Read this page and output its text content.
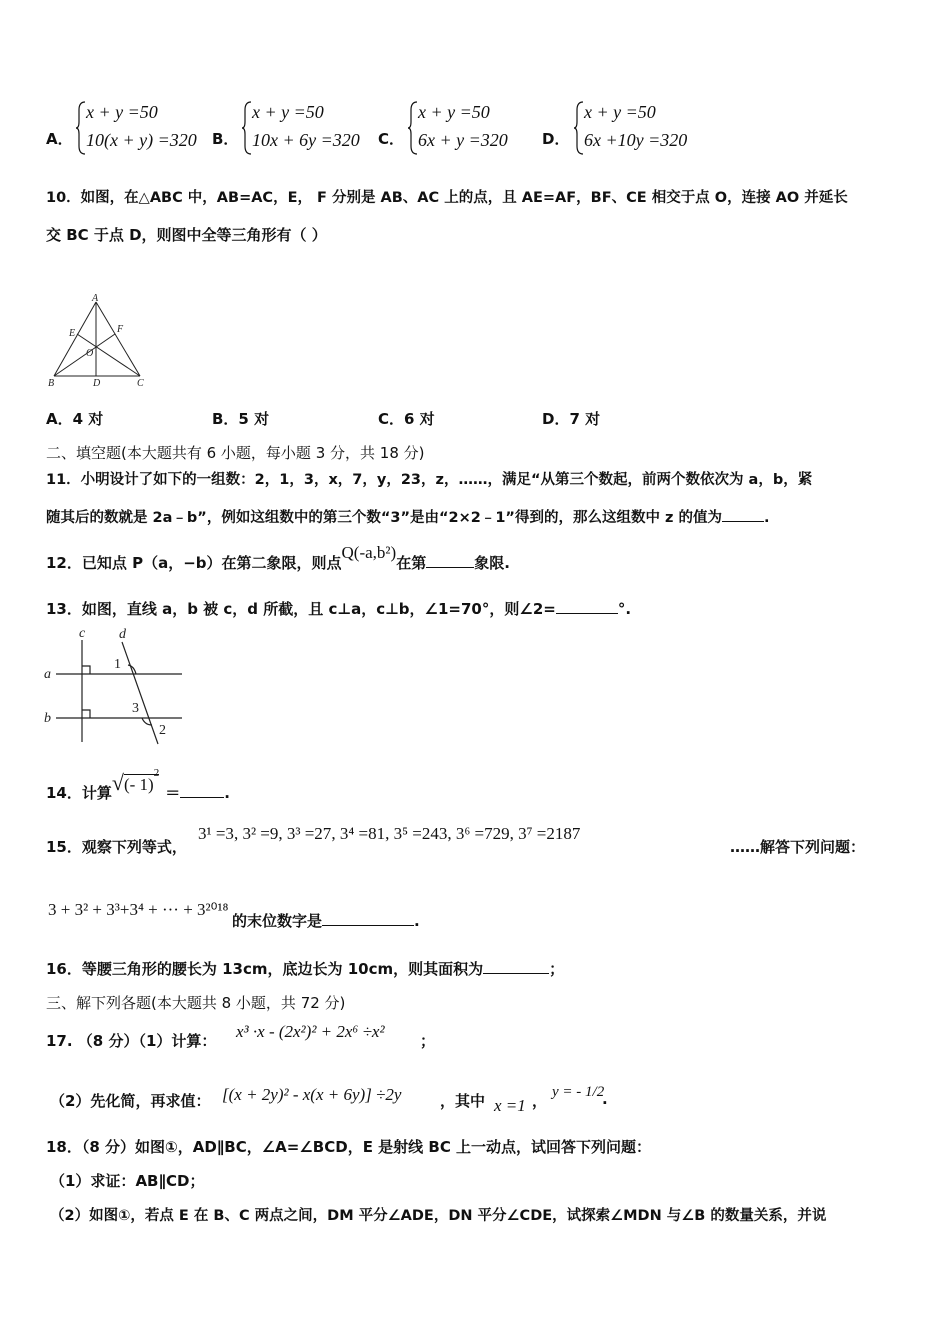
A．
x + y =50
10(x + y) =320	B．
x + y =50
10x + 6y =320	C．
x + y =50
6x + y =320	D．
x + y =50
6x +10y =320
10．如图，在△ABC 中，AB=AC，E， F 分别是 AB、AC 上的点，且 AE=AF，BF、CE 相交于点 O，连接 AO 并延长
交 BC 于点 D，则图中全等三角形有（ ）
A
E	F
O
B	D	C
A．4 对	B．5 对	C．6 对	D．7 对
二、填空题(本大题共有 6 小题，每小题 3 分，共 18 分)
11．小明设计了如下的一组数：2，1，3，x，7，y，23，z，……，满足“从第三个数起，前两个数依次为 a，b，紧
随其后的数就是 2a﹣b”，例如这组数中的第三个数“3”是由“2×2﹣1”得到的，那么这组数中 z 的值为	.
12．已知点 P（a，−b）在第二象限，则点Q(-a,b²)在第	象限.
13．如图，直线 a，b 被 c，d 所截，且 c⊥a，c⊥b，∠1=70°，则∠2=	°.
c d
a
b
1
3
2
14．计算√(- 1)$^2$＝	.
15．观察下列等式，
3¹ =3, 3² =9, 3³ =27, 3⁴ =81, 3⁵ =243, 3⁶ =729, 3⁷ =2187
……解答下列问题：
3 + 3² + 3³+3⁴ + ··· + 3²⁰¹⁸
的末位数字是	.
16．等腰三角形的腰长为 13cm，底边长为 10cm，则其面积为	；
三、解下列各题(本大题共 8 小题，共 72 分)
17. （8 分）（1）计算： x³ ·x - (2x²)² + 2x⁶ ÷x² ；
（2）先化简，再求值： [(x + 2y)² - x(x + 6y)] ÷2y	，其中 x =1 ， y = - 1/2
.
18．（8 分）如图①，AD∥BC，∠A=∠BCD，E 是射线 BC 上一动点，试回答下列问题：
（1）求证：AB∥CD；
（2）如图①，若点 E 在 B、C 两点之间，DM 平分∠ADE，DN 平分∠CDE，试探索∠MDN 与∠B 的数量关系，并说
